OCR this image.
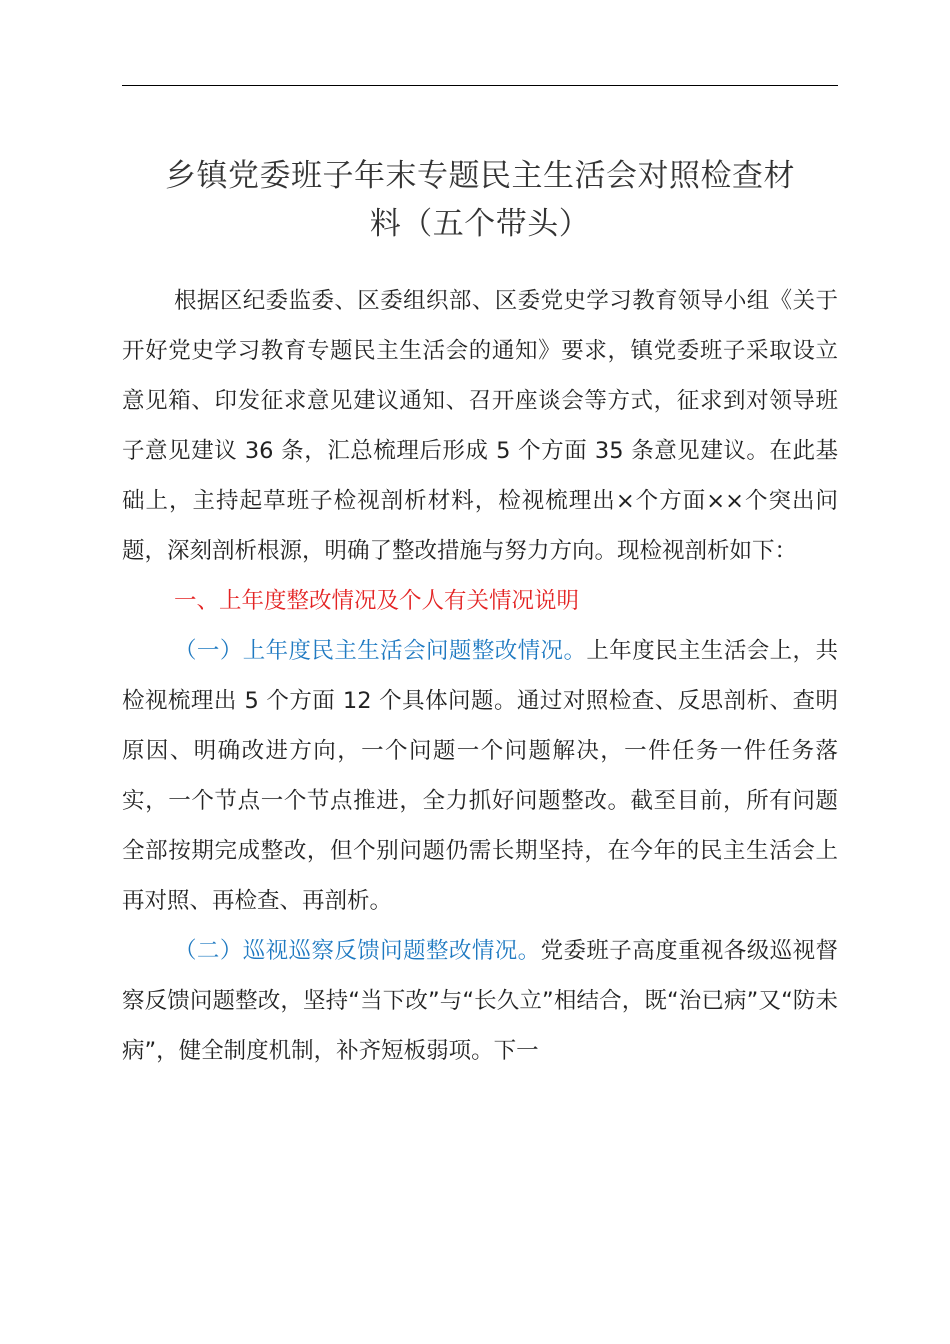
乡镇党委班子年末专题民主生活会对照检查材
料（五个带头）

根据区纪委监委、区委组织部、区委党史学习教育领导小组《关于开好党史学习教育专题民主生活会的通知》要求，镇党委班子采取设立意见箱、印发征求意见建议通知、召开座谈会等方式，征求到对领导班子意见建议 36 条，汇总梳理后形成 5 个方面 35 条意见建议。在此基础上，主持起草班子检视剖析材料，检视梳理出×个方面××个突出问题，深刻剖析根源，明确了整改措施与努力方向。现检视剖析如下：

一、上年度整改情况及个人有关情况说明

（一）上年度民主生活会问题整改情况。上年度民主生活会上，共检视梳理出 5 个方面 12 个具体问题。通过对照检查、反思剖析、查明原因、明确改进方向，一个问题一个问题解决，一件任务一件任务落实，一个节点一个节点推进，全力抓好问题整改。截至目前，所有问题全部按期完成整改，但个别问题仍需长期坚持，在今年的民主生活会上再对照、再检查、再剖析。

（二）巡视巡察反馈问题整改情况。党委班子高度重视各级巡视督察反馈问题整改，坚持“当下改”与“长久立”相结合，既“治已病”又“防未病”，健全制度机制，补齐短板弱项。下一
